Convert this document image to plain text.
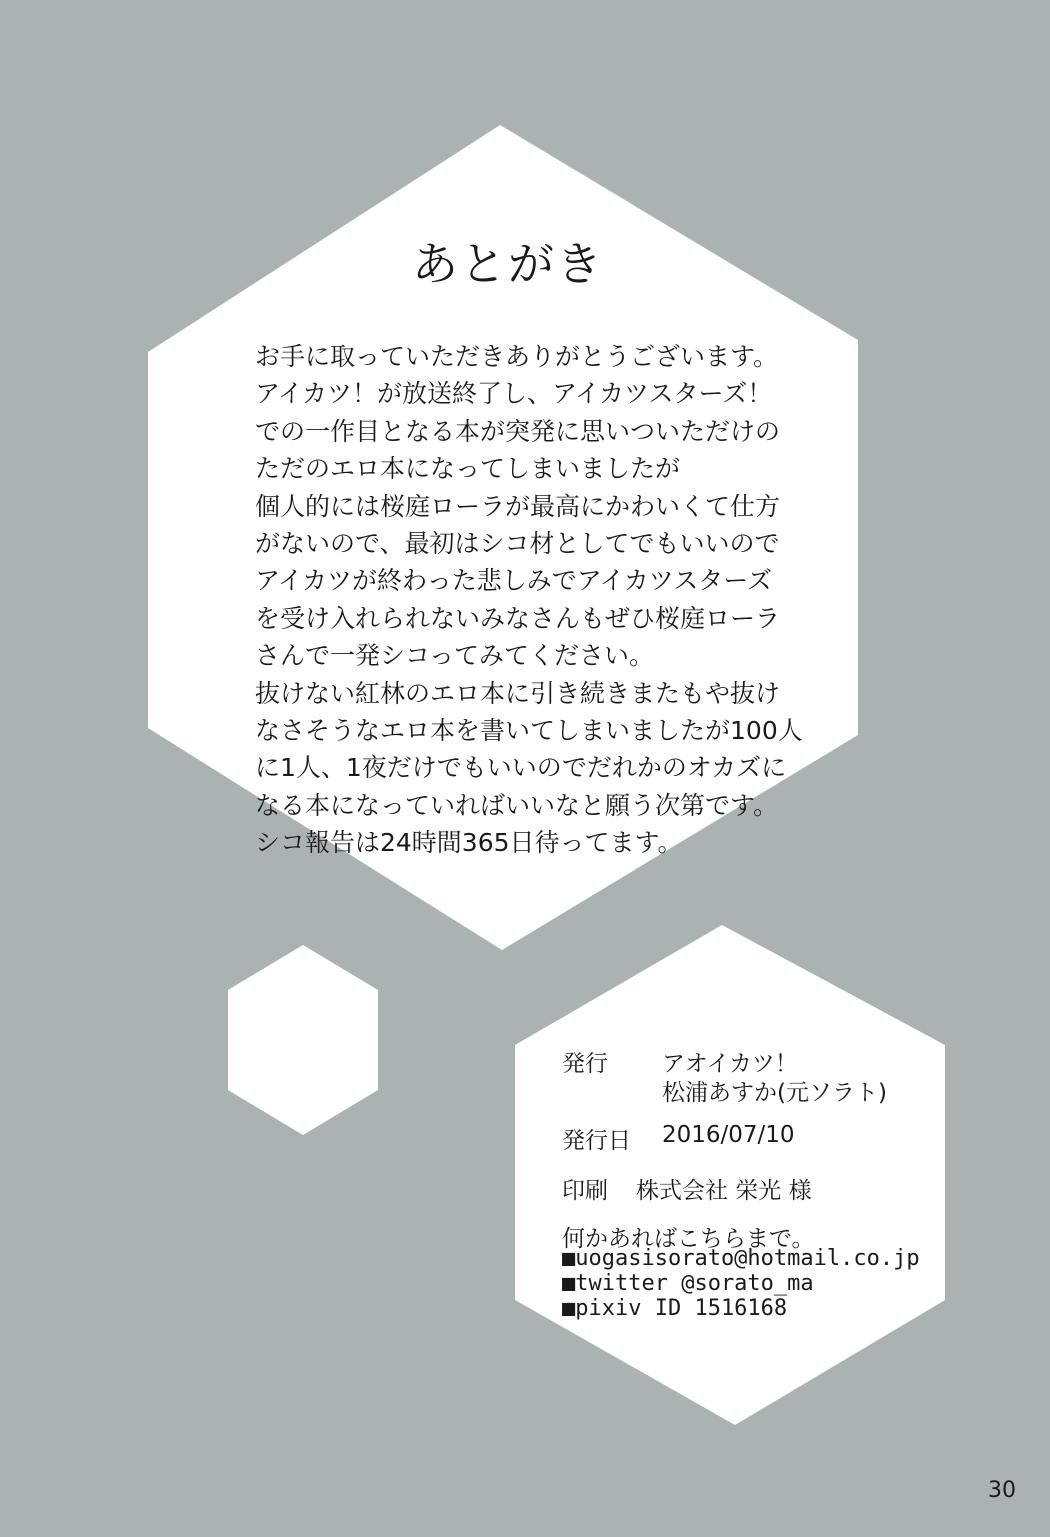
あとがき
お手に取っていただきありがとうございます。
アイカツ！が放送終了し、アイカツスターズ！
での一作目となる本が突発に思いついただけの
ただのエロ本になってしまいましたが
個人的には桜庭ローラが最高にかわいくて仕方
がないので、最初はシコ材としてでもいいので
アイカツが終わった悲しみでアイカツスターズ
を受け入れられないみなさんもぜひ桜庭ローラ
さんで一発シコってみてください。
抜けない紅林のエロ本に引き続きまたもや抜け
なさそうなエロ本を書いてしまいましたが100人
に1人、1夜だけでもいいのでだれかのオカズに
なる本になっていればいいなと願う次第です。
シコ報告は24時間365日待ってます。
発行 アオイカツ！
松浦あすか(元ソラト)
発行日 2016/07/10
印刷 株式会社 栄光 様
何かあればこちらまで。
■uogasisorato@hotmail.co.jp
■twitter @sorato_ma
■pixiv ID 1516168
30
